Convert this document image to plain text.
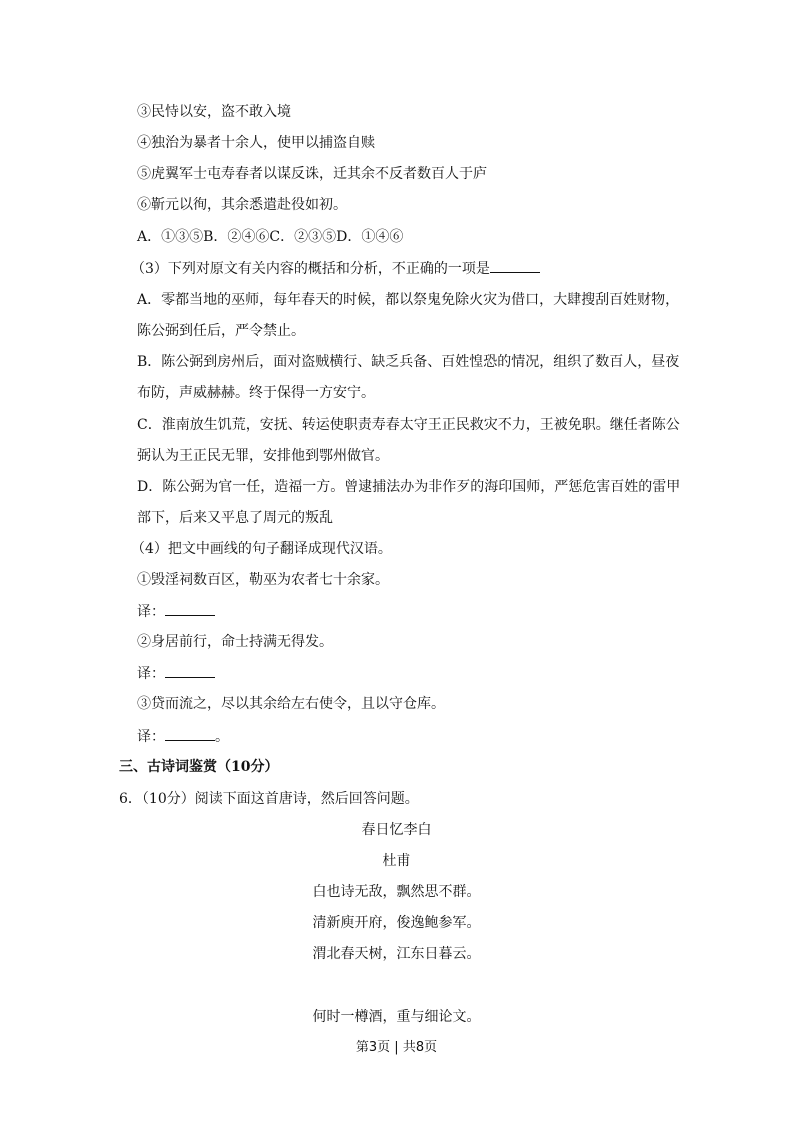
③民恃以安，盗不敢入境
④独治为暴者十余人，使甲以捕盗自赎
⑤虎翼军士屯寿春者以谋反诛，迁其余不反者数百人于庐
⑥靳元以徇，其余悉遣赴役如初。
A．①③⑤B．②④⑥C．②③⑤D．①④⑥
（3）下列对原文有关内容的概括和分析，不正确的一项是
A．零都当地的巫师，每年春天的时候，都以祭鬼免除火灾为借口，大肆搜刮百姓财物，
陈公弼到任后，严令禁止。
B．陈公弼到房州后，面对盗贼横行、缺乏兵备、百姓惶恐的情况，组织了数百人，昼夜
布防，声威赫赫。终于保得一方安宁。
C．淮南放生饥荒，安抚、转运使职责寿春太守王正民救灾不力，王被免职。继任者陈公
弼认为王正民无罪，安排他到鄂州做官。
D．陈公弼为官一任，造福一方。曾逮捕法办为非作歹的海印国师，严惩危害百姓的雷甲
部下，后来又平息了周元的叛乱
（4）把文中画线的句子翻译成现代汉语。
①毁淫祠数百区，勒巫为农者七十余家。
译：
②身居前行，命士持满无得发。
译：
③贷而流之，尽以其余给左右使令，且以守仓库。
译：	。
三、古诗词鉴赏（10分）
6．（10分）阅读下面这首唐诗，然后回答问题。
春日忆李白
杜甫
白也诗无敌，飘然思不群。
清新庾开府，俊逸鲍参军。
渭北春天树，江东日暮云。
何时一樽酒，重与细论文。
第3页 | 共8页
